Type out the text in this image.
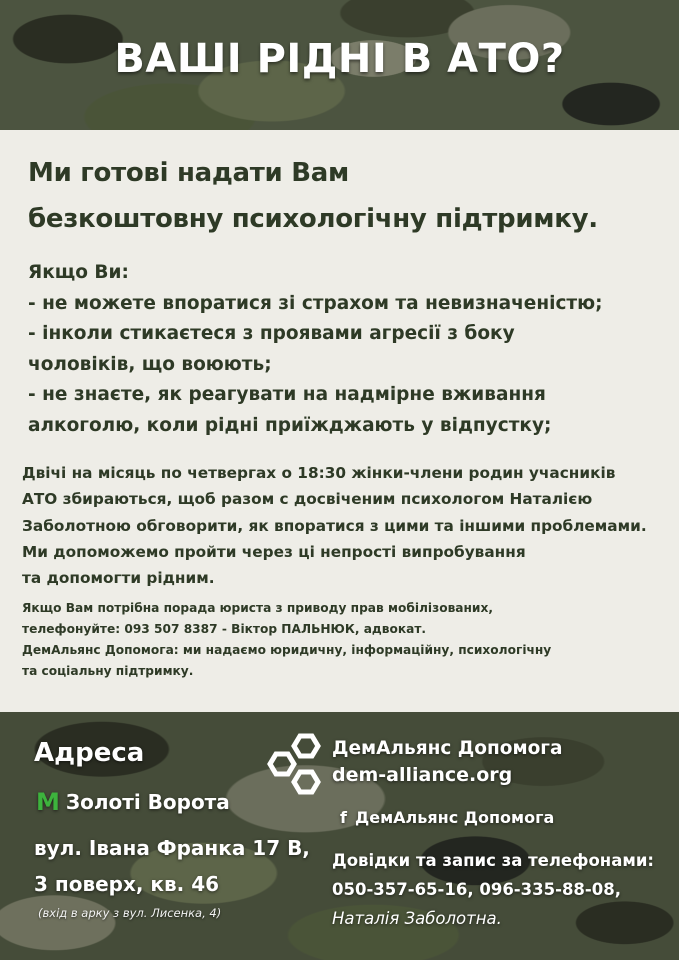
ВАШІ РІДНІ В АТО?
Ми готові надати Вам
безкоштовну психологічну підтримку.
Якщо Ви:
- не можете впоратися зі страхом та невизначеністю;
- інколи стикаєтеся з проявами агресії з боку
чоловіків, що воюють;
- не знаєте, як реагувати на надмірне вживання
алкоголю, коли рідні приїжджають у відпустку;
Двічі на місяць по четвергах о 18:30 жінки-члени родин учасників
АТО збираються, щоб разом с досвіченим психологом Наталією
Заболотною обговорити, як впоратися з цими та іншими проблемами.
Ми допоможемо пройти через ці непрості випробування
та допомогти рідним.
Якщо Вам потрібна порада юриста з приводу прав мобілізованих,
телефонуйте: 093 507 8387 - Віктор ПАЛЬНЮК, адвокат.
ДемАльянс Допомога: ми надаємо юридичну, інформаційну, психологічну
та соціальну підтримку.
Адреса
М Золоті Ворота
вул. Івана Франка 17 В,
3 поверх, кв. 46
(вхід в арку з вул. Лисенка, 4)
ДемАльянс Допомога
dem-alliance.org
f ДемАльянс Допомога
Довідки та запис за телефонами:
050-357-65-16, 096-335-88-08,
Наталія Заболотна.
